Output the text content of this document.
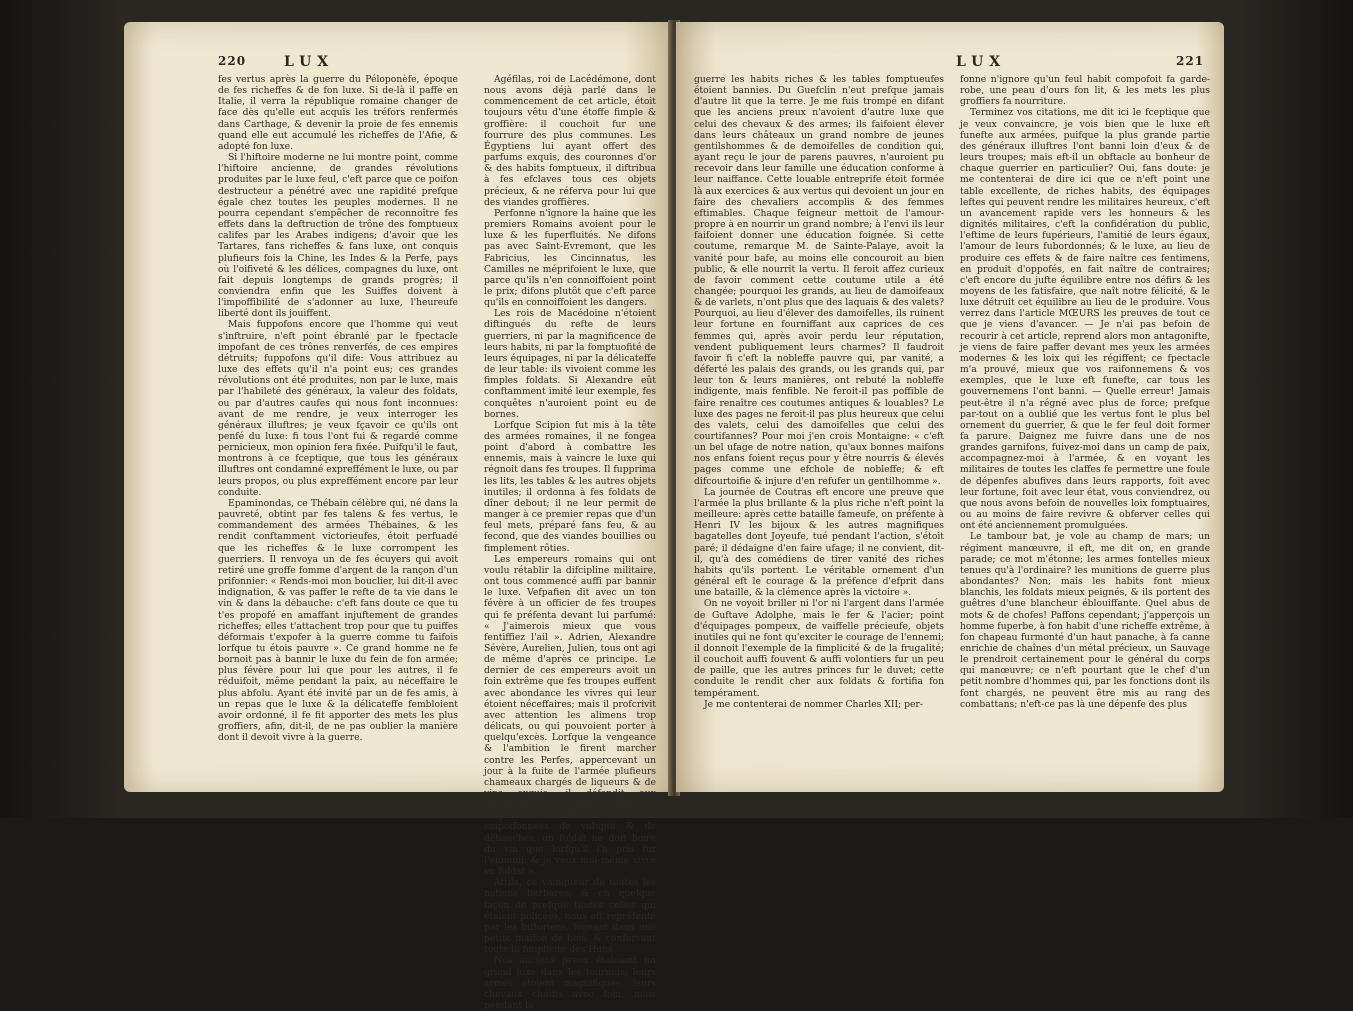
220	LUX

fes vertus après la guerre du Péloponèfe, époque de fes richeffes & de fon luxe. Si de-là il paffe en Italie, il verra la république romaine changer de face dès qu'elle eut acquis les tréfors renfermés dans Carthage, & devenir la proie de fes ennemis quand elle eut accumulé les richeffes de l'Afie, & adopté fon luxe.

Si l'hiftoire moderne ne lui montre point, comme l'hiftoire ancienne, de grandes révolutions produites par le luxe feul, c'eft parce que ce poifon destructeur a pénétré avec une rapidité prefque égale chez toutes les peuples modernes. Il ne pourra cependant s'empêcher de reconnoître fes effets dans la deftruction de trône des fomptueux califes par les Arabes indigens; d'avoir que les Tartares, fans richeffes & fans luxe, ont conquis plufieurs fois la Chine, les Indes & la Perfe, pays où l'oifiveté & les délices, compagnes du luxe, ont fait depuis longtemps de grands progrès; il conviendra enfin que les Suiffes doivent à l'impoffibilité de s'adonner au luxe, l'heureufe liberté dont ils jouiffent.

Mais fuppofons encore que l'homme qui veut s'inftruire, n'eft point ébranlé par le fpectacle impofant de ces trônes renverfés, de ces empires détruits; fuppofons qu'il dife: Vous attribuez au luxe des effets qu'il n'a point eus; ces grandes révolutions ont été produites, non par le luxe, mais par l'habileté des généraux, la valeur des foldats, ou par d'autres caufes qui nous font inconnues: avant de me rendre, je veux interroger les généraux illuftres; je veux fçavoir ce qu'ils ont penfé du luxe: fi tous l'ont fui & regardé comme pernicieux, mon opinion fera fixée. Puifqu'il le faut, montrons à ce fceptique, que tous les généraux illuftres ont condamné expreffément le luxe, ou par leurs propos, ou plus expreffément encore par leur conduite.

Epaminondas, ce Thébain célèbre qui, né dans la pauvreté, obtint par fes talens & fes vertus, le commandement des armées Thébaines, & les rendit conftamment victorieufes, étoit perfuadé que les richeffes & le luxe corrompent les guerriers. Il renvoya un de fes écuyers qui avoit retiré une groffe fomme d'argent de la rançon d'un prifonnier: « Rends-moi mon bouclier, lui dit-il avec indignation, & vas paffer le refte de ta vie dans le vin & dans la débauche: c'eft fans doute ce que tu t'es propofé en amaffant injuftement de grandes richeffes; elles t'attachent trop pour que tu puiffes déformais t'expofer à la guerre comme tu faifois lorfque tu étois pauvre ». Ce grand homme ne fe bornoit pas à bannir le luxe du fein de fon armée; plus févère pour lui que pour les autres, il fe réduifoit, même pendant la paix, au néceffaire le plus abfolu. Ayant été invité par un de fes amis, à un repas que le luxe & la délicateffe fembloient avoir ordonné, il fe fit apporter des mets les plus groffiers, afin, dit-il, de ne pas oublier la manière dont il devoit vivre à la guerre.

Agéfilas, roi de Lacédémone, dont nous avons déjà parlé dans le commencement de cet article, étoit toujours vêtu d'une étoffe fimple & groffière: il couchoit fur une fourrure des plus communes. Les Égyptiens lui ayant offert des parfums exquis, des couronnes d'or & des habits fomptueux, il diftribua à fes efclaves tous ces objets précieux, & ne réferva pour lui que des viandes groffières.

Perfonne n'ignore la haine que les premiers Romains avoient pour le luxe & les fuperfluités. Ne difons pas avec Saint-Evremont, que les Fabricius, les Cincinnatus, les Camilles ne méprifoient le luxe, que parce qu'ils n'en connoiffoient point le prix; difons plutôt que c'eft parce qu'ils en connoiffoient les dangers.

Les rois de Macédoine n'étoient diftingués du refte de leurs guerriers, ni par la magnificence de leurs habits, ni par la fomptuofité de leurs équipages, ni par la délicateffe de leur table: ils vivoient comme les fimples foldats. Si Alexandre eût conftamment imité leur exemple, fes conquêtes n'auroient point eu de bornes.

Lorfque Scipion fut mis à la tête des armées romaines, il ne fongea point d'abord à combattre les ennemis, mais à vaincre le luxe qui régnoit dans fes troupes. Il fupprima les lits, les tables & les autres objets inutiles; il ordonna à fes foldats de dîner debout; il ne leur permit de manger à ce premier repas que d'un feul mets, préparé fans feu, & au fecond, que des viandes bouillies ou fimplement rôties.

Les empereurs romains qui ont voulu rétablir la difcipline militaire, ont tous commencé auffi par bannir le luxe. Vefpafien dit avec un ton févère à un officier de fes troupes qui fe préfenta devant lui parfumé: « J'aimerois mieux que vous fentiffiez l'ail ». Adrien, Alexandre Sévère, Aurelien, Julien, tous ont agi de même d'après ce principe. Le dernier de ces empereurs avoit un foin extrême que fes troupes euffent avec abondance les vivres qui leur étoient néceffaires; mais il profcrivit avec attention les alimens trop délicats, ou qui pouvoient porter à quelqu'excès. Lorfque la vengeance & l'ambition le firent marcher contre les Perfes, appercevant un jour à la fuite de l'armée plufieurs chameaux chargés de liqueurs & de vins exquis, il défendit aux chameliers de paffer outre: « Emportez, leur dit-il, ces fources empoifonnées de volupté & de débauches: un foldat ne doit boire du vin que lorfqu'il l'a pris fur l'ennemi; & je veux moi-même vivre en foldat ».

Attila, ce vainqueur de toutes les nations barbares, & en quelque façon de prefque toutes celles qui étoient policées, nous eft repréfenté par les hiftoriens, logeant dans une petite maifon de bois, & confervant toute la fimplicité des Huns.

Nos anciens preux étaloient un grand luxe dans les tournois; leurs armes étoient magnifiques; leurs chevaux choifis avec foin; mais pendant la

LUX	221

guerre les habits riches & les tables fomptueufes étoient bannies. Du Guefclin n'eut prefque jamais d'autre lit que la terre. Je me fuis trompé en difant que les anciens preux n'avoient d'autre luxe que celui des chevaux & des armes; ils faifoient élever dans leurs châteaux un grand nombre de jeunes gentilshommes & de demoifelles de condition qui, ayant reçu le jour de parens pauvres, n'auroient pu recevoir dans leur famille une éducation conforme à leur naiffance. Cette louable entreprife étoit formée là aux exercices & aux vertus qui devoient un jour en faire des chevaliers accomplis & des femmes eftimables. Chaque feigneur mettoit de l'amour-propre à en nourrir un grand nombre; à l'envi ils leur faifoient donner une éducation foignée. Si cette coutume, remarque M. de Sainte-Palaye, avoit la vanité pour bafe, au moins elle concouroit au bien public, & elle nourrit la vertu. Il feroit affez curieux de favoir comment cette coutume utile a été changée; pourquoi les grands, au lieu de damoifeaux & de varlets, n'ont plus que des laquais & des valets? Pourquoi, au lieu d'élever des damoifelles, ils ruinent leur fortune en fourniffant aux caprices de ces femmes qui, après avoir perdu leur réputation, vendent publiquement leurs charmes? Il faudroit favoir fi c'eft la nobleffe pauvre qui, par vanité, a déferté les palais des grands, ou les grands qui, par leur ton & leurs manières, ont rebuté la nobleffe indigente, mais fenfible. Ne feroit-il pas poffible de faire renaître ces coutumes antiques & louables? Le luxe des pages ne feroit-il pas plus heureux que celui des valets, celui des damoifelles que celui des courtifannes? Pour moi j'en crois Montaigne: « c'eft un bel ufage de notre nation, qu'aux bonnes maifons nos enfans foient reçus pour y être nourris & élevés pages comme une efchole de nobleffe; & eft difcourtoifie & injure d'en refufer un gentilhomme ».

La journée de Coutras eft encore une preuve que l'armée la plus brillante & la plus riche n'eft point la meilleure: après cette bataille fameufe, on préfente à Henri IV les bijoux & les autres magnifiques bagatelles dont Joyeufe, tué pendant l'action, s'étoit paré; il dédaigne d'en faire ufage; il ne convient, dit-il, qu'à des comédiens de tirer vanité des riches habits qu'ils portent. Le véritable ornement d'un général eft le courage & la préfence d'efprit dans une bataille, & la clémence après la victoire ».

On ne voyoit briller ni l'or ni l'argent dans l'armée de Guftave Adolphe, mais le fer & l'acier; point d'équipages pompeux, de vaiffelle précieufe, objets inutiles qui ne font qu'exciter le courage de l'ennemi; il donnoit l'exemple de la fimplicité & de la frugalité; il couchoit auffi fouvent & auffi volontiers fur un peu de paille, que les autres princes fur le duvet; cette conduite le rendit cher aux foldats & fortifia fon tempérament.

Je me contenterai de nommer Charles XII; per-

fonne n'ignore qu'un feul habit compofoit fa garde-robe, une peau d'ours fon lit, & les mets les plus groffiers fa nourriture.

Terminez vos citations, me dit ici le fceptique que je veux convaincre, je vois bien que le luxe eft funefte aux armées, puifque la plus grande partie des généraux illuftres l'ont banni loin d'eux & de leurs troupes; mais eft-il un obftacle au bonheur de chaque guerrier en particulier? Oui, fans doute: je me contenterai de dire ici que ce n'eft point une table excellente, de riches habits, des équipages leftes qui peuvent rendre les militaires heureux, c'eft un avancement rapide vers les honneurs & les dignités militaires, c'eft la confidération du public, l'eftime de leurs fupérieurs, l'amitié de leurs égaux, l'amour de leurs fubordonnés; & le luxe, au lieu de produire ces effets & de faire naître ces fentimens, en produit d'oppofés, en fait naître de contraires; c'eft encore du jufte équilibre entre nos défirs & les moyens de les fatisfaire, que naît notre félicité, & le luxe détruit cet équilibre au lieu de le produire. Vous verrez dans l'article MŒURS les preuves de tout ce que je viens d'avancer. — Je n'ai pas befoin de recourir à cet article, reprend alors mon antagonifte, je viens de faire paffer devant mes yeux les armées modernes & les loix qui les régiffent; ce fpectacle m'a prouvé, mieux que vos raifonnemens & vos exemples, que le luxe eft funefte, car tous les gouvernemens l'ont banni. — Quelle erreur! Jamais peut-être il n'a régné avec plus de force; prefque par-tout on a oublié que les vertus font le plus bel ornement du guerrier, & que le fer feul doit former fa parure. Daignez me fuivre dans une de nos grandes garnifons, fuivez-moi dans un camp de paix, accompagnez-moi à l'armée, & en voyant les militaires de toutes les claffes fe permettre une foule de dépenfes abufives dans leurs rapports, foit avec leur fortune, foit avec leur état, vous conviendrez, ou que nous avons befoin de nouvelles loix fomptuaires, ou au moins de faire revivre & obferver celles qui ont été anciennement promulguées.

Le tambour bat, je vole au champ de mars; un régiment manœuvre, il eft, me dit on, en grande parade; ce mot m'étonne; les armes fontelles mieux tenues qu'à l'ordinaire? les munitions de guerre plus abondantes? Non; mais les habits font mieux blanchis, les foldats mieux peignés, & ils portent des guêtres d'une blancheur éblouiffante. Quel abus de mots & de chofes! Paffons cependant; j'apperçois un homme fuperbe, à fon habit d'une richeffe extrême, à fon chapeau furmonté d'un haut panache, à fa canne enrichie de chaînes d'un métal précieux, un Sauvage le prendroit certainement pour le général du corps qui manœuvre; ce n'eft pourtant que le chef d'un petit nombre d'hommes qui, par les fonctions dont ils font chargés, ne peuvent être mis au rang des combattans; n'eft-ce pas là une dépenfe des plus
